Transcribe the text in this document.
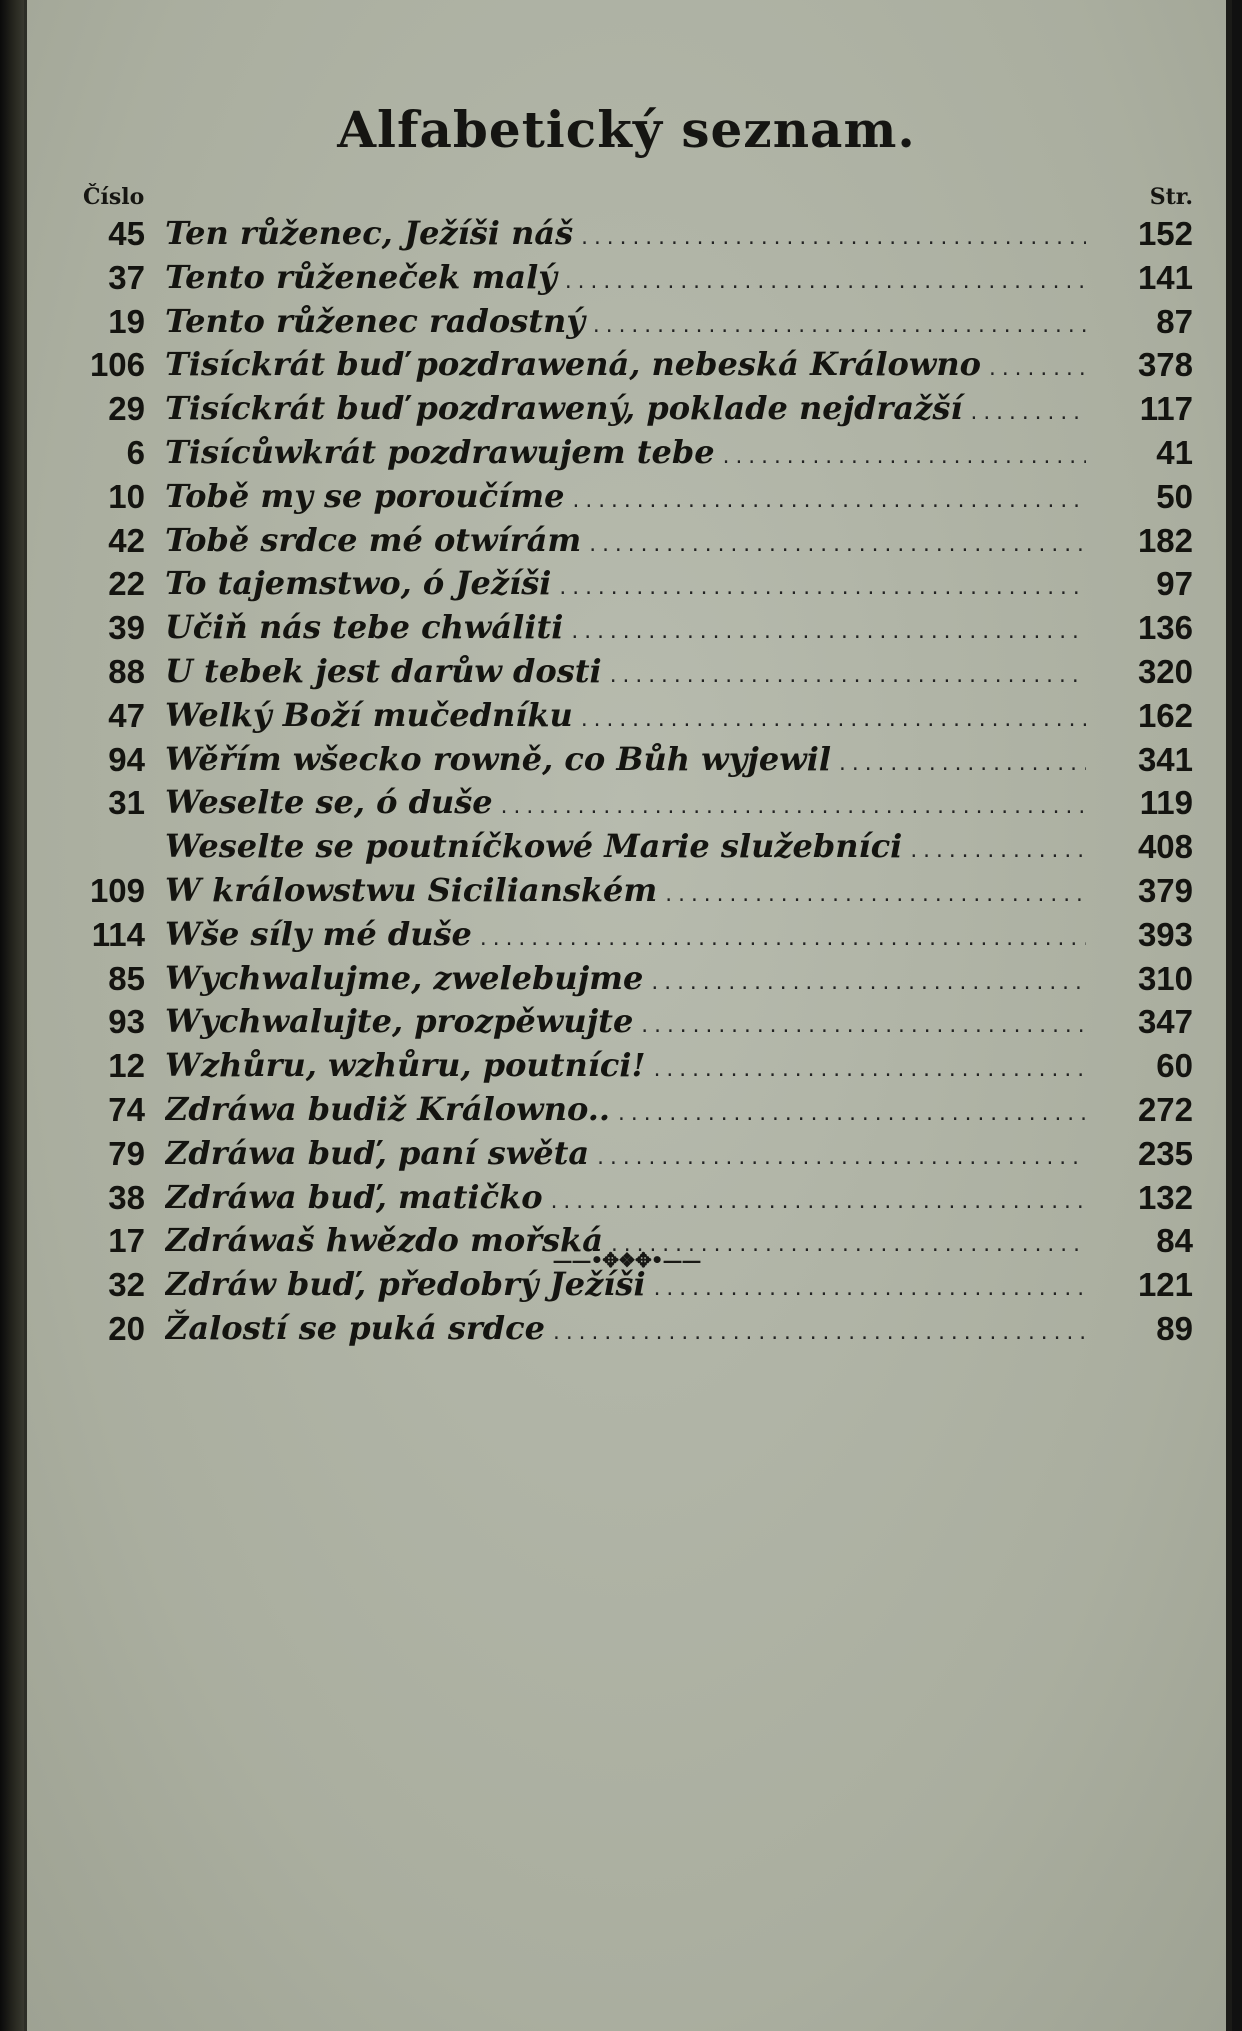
Alfabetický seznam.
Číslo	Str.
45 Ten růženec, Ježíši náš .....	152
37 Tento růženeček malý .....	141
19 Tento růženec radostný .....	87
106 Tisíckrát buď pozdrawená, nebeská Králowno .....	378
29 Tisíckrát buď pozdrawený, poklade nejdražší .....	117
6 Tisícůwkrát pozdrawujem tebe .....	41
10 Tobě my se poroučíme .....	50
42 Tobě srdce mé otwírám .....	182
22 To tajemstwo, ó Ježíši .....	97
39 Učiň nás tebe chwáliti .....	136
88 U tebek jest darůw dosti .....	320
47 Welký Boží mučedníku .....	162
94 Wěřím wšecko rowně, co Bůh wyjewil .....	341
31 Weselte se, ó duše .....	119
Weselte se poutníčkowé Marie služebníci .....	408
109 W králowstwu Sicilianském .....	379
114 Wše síly mé duše .....	393
85 Wychwalujme, zwelebujme .....	310
93 Wychwalujte, prozpěwujte .....	347
12 Wzhůru, wzhůru, poutníci! .....	60
74 Zdráwa budiž Králowno.. .....	272
79 Zdráwa buď, paní swěta .....	235
38 Zdráwa buď, matičko .....	132
17 Zdráwaš hwězdo mořská .....	84
32 Zdráw buď, předobrý Ježíši .....	121
20 Žalostí se puká srdce .....	89
——•✥❖✥•——
